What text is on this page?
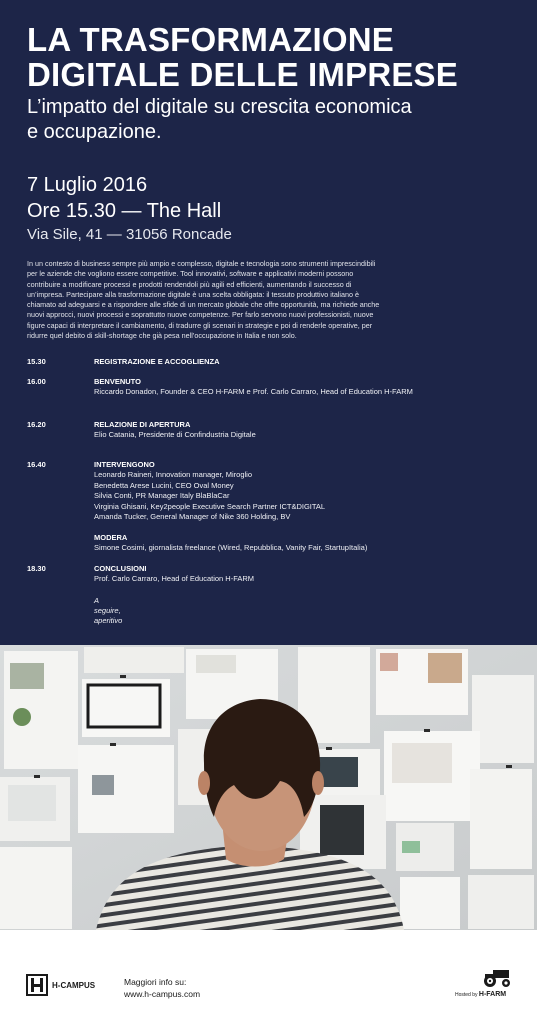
LA TRASFORMAZIONE
DIGITALE DELLE IMPRESE
L’impatto del digitale su crescita economica
e occupazione.
7 Luglio 2016
Ore 15.30 — The Hall
Via Sile, 41 — 31056 Roncade
In un contesto di business sempre più ampio e complesso, digitale e tecnologia sono strumenti imprescindibili
per le aziende che vogliono essere competitive. Tool innovativi, software e applicativi moderni possono
contribuire a modificare processi e prodotti rendendoli più agili ed efficienti, aumentando il successo di
un’impresa. Partecipare alla trasformazione digitale è una scelta obbligata: il tessuto produttivo italiano è
chiamato ad adeguarsi e a rispondere alle sfide di un mercato globale che offre opportunità, ma richiede anche
nuovi approcci, nuovi processi e soprattutto nuove competenze. Per farlo servono nuovi professionisti, nuove
figure capaci di interpretare il cambiamento, di tradurre gli scenari in strategie e poi di renderle operative, per
ridurre quel debito di skill-shortage che già pesa nell’occupazione in Italia e non solo.
15.30	REGISTRAZIONE E ACCOGLIENZA
16.00	BENVENUTO
Riccardo Donadon, Founder & CEO H-FARM e Prof. Carlo Carraro, Head of Education H-FARM
16.20	RELAZIONE DI APERTURA
Elio Catania, Presidente di Confindustria Digitale
16.40	INTERVENGONO
Leonardo Raineri, Innovation manager, Miroglio
Benedetta Arese Lucini, CEO Oval Money
Silvia Conti, PR Manager Italy BlaBlaCar
Virginia Ghisani, Key2people Executive Search Partner ICT&DIGITAL
Amanda Tucker, General Manager of Nike 360 Holding, BV
MODERA
Simone Cosimi, giornalista freelance (Wired, Repubblica, Vanity Fair, StartupItalia)
18.30	CONCLUSIONI
Prof. Carlo Carraro, Head of Education H-FARM
A seguire, aperitivo
H-CAMPUS	Maggiori info su:
www.h-campus.com	Hosted by H-FARM
